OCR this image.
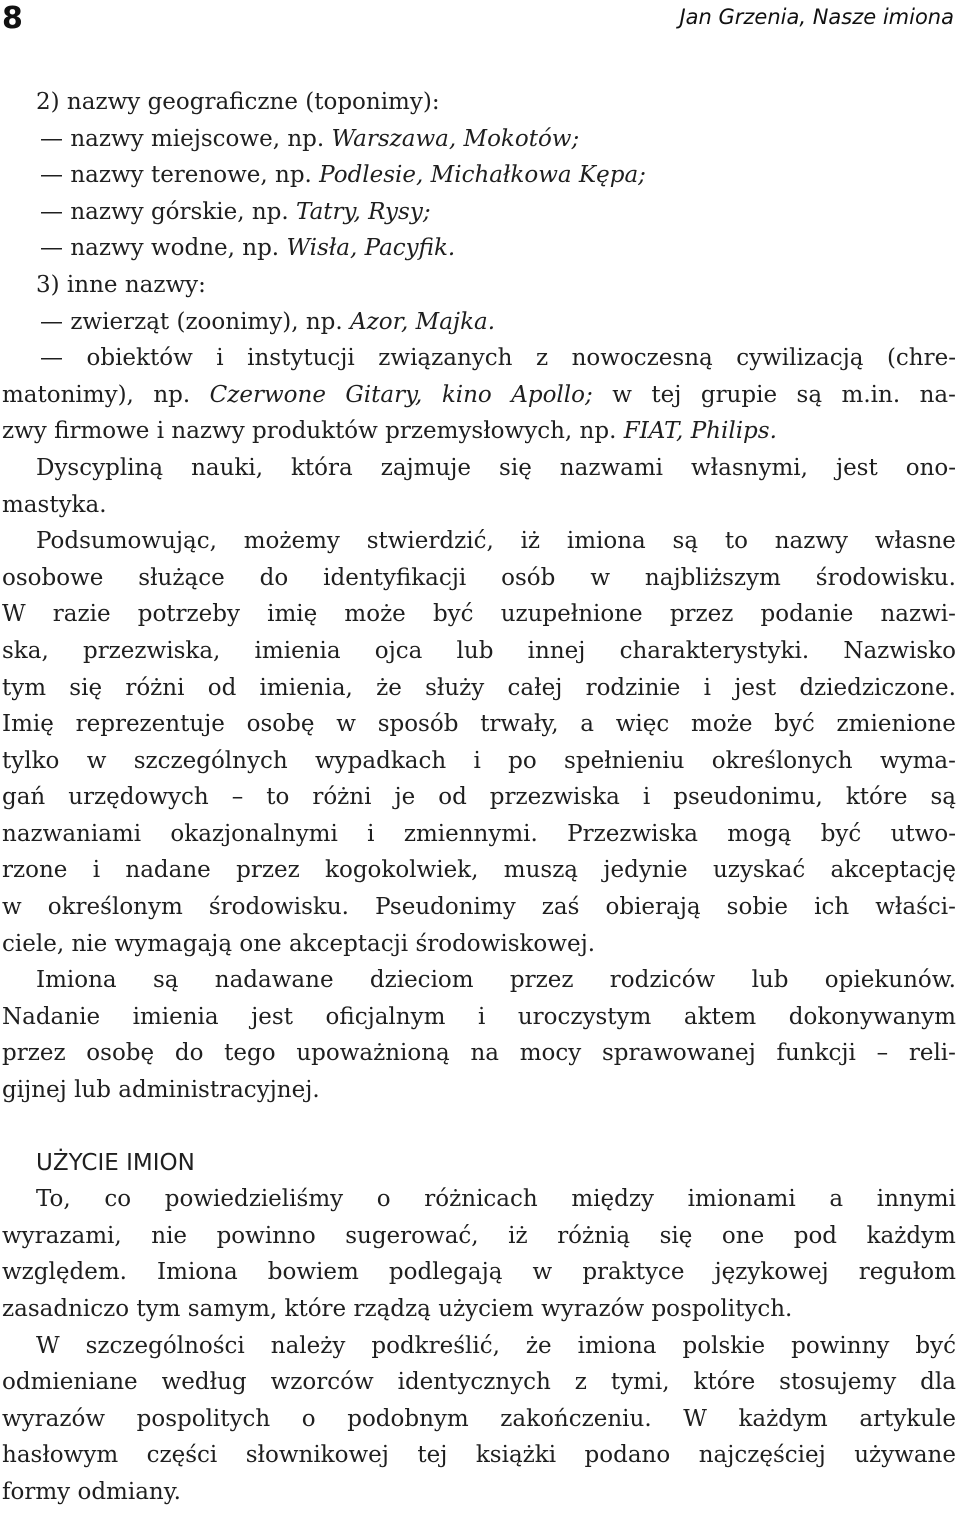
8	Jan Grzenia, Nasze imiona
2) nazwy geograficzne (toponimy):
— nazwy miejscowe, np. Warszawa, Mokotów;
— nazwy terenowe, np. Podlesie, Michałkowa Kępa;
— nazwy górskie, np. Tatry, Rysy;
— nazwy wodne, np. Wisła, Pacyfik.
3) inne nazwy:
— zwierząt (zoonimy), np. Azor, Majka.
— obiektów i instytucji związanych z nowoczesną cywilizacją (chre-
matonimy), np. Czerwone Gitary, kino Apollo; w tej grupie są m.in. na-
zwy firmowe i nazwy produktów przemysłowych, np. FIAT, Philips.
Dyscypliną nauki, która zajmuje się nazwami własnymi, jest ono-
mastyka.
Podsumowując, możemy stwierdzić, iż imiona są to nazwy własne
osobowe służące do identyfikacji osób w najbliższym środowisku.
W razie potrzeby imię może być uzupełnione przez podanie nazwi-
ska, przezwiska, imienia ojca lub innej charakterystyki. Nazwisko
tym się różni od imienia, że służy całej rodzinie i jest dziedziczone.
Imię reprezentuje osobę w sposób trwały, a więc może być zmienione
tylko w szczególnych wypadkach i po spełnieniu określonych wyma-
gań urzędowych – to różni je od przezwiska i pseudonimu, które są
nazwaniami okazjonalnymi i zmiennymi. Przezwiska mogą być utwo-
rzone i nadane przez kogokolwiek, muszą jedynie uzyskać akceptację
w określonym środowisku. Pseudonimy zaś obierają sobie ich właści-
ciele, nie wymagają one akceptacji środowiskowej.
Imiona są nadawane dzieciom przez rodziców lub opiekunów.
Nadanie imienia jest oficjalnym i uroczystym aktem dokonywanym
przez osobę do tego upoważnioną na mocy sprawowanej funkcji – reli-
gijnej lub administracyjnej.
UŻYCIE IMION
To, co powiedzieliśmy o różnicach między imionami a innymi
wyrazami, nie powinno sugerować, iż różnią się one pod każdym
względem. Imiona bowiem podlegają w praktyce językowej regułom
zasadniczo tym samym, które rządzą użyciem wyrazów pospolitych.
W szczególności należy podkreślić, że imiona polskie powinny być
odmieniane według wzorców identycznych z tymi, które stosujemy dla
wyrazów pospolitych o podobnym zakończeniu. W każdym artykule
hasłowym części słownikowej tej książki podano najczęściej używane
formy odmiany.
